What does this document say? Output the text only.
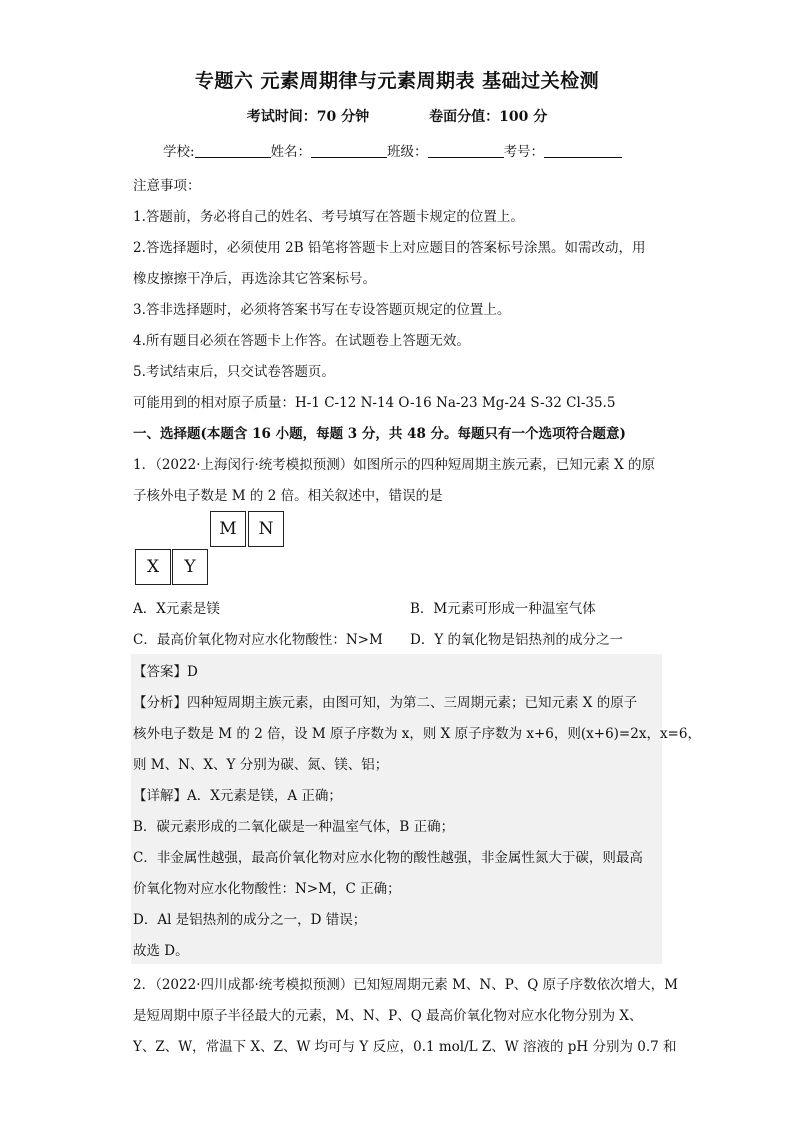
专题六 元素周期律与元素周期表 基础过关检测
考试时间：70 分钟	卷面分值：100 分
学校:	姓名：	班级：	考号：
注意事项：
1.答题前，务必将自己的姓名、考号填写在答题卡规定的位置上。
2.答选择题时，必须使用 2B 铅笔将答题卡上对应题目的答案标号涂黑。如需改动，用
橡皮擦擦干净后，再选涂其它答案标号。
3.答非选择题时，必须将答案书写在专设答题页规定的位置上。
4.所有题目必须在答题卡上作答。在试题卷上答题无效。
5.考试结束后，只交试卷答题页。
可能用到的相对原子质量：H-1 C-12 N-14 O-16 Na-23 Mg-24 S-32 Cl-35.5
一、选择题(本题含 16 小题，每题 3 分，共 48 分。每题只有一个选项符合题意)
1．（2022·上海闵行·统考模拟预测）如图所示的四种短周期主族元素，已知元素 X 的原
子核外电子数是 M 的 2 倍。相关叙述中，错误的是
M	N
X	Y
A．X元素是镁	B．M元素可形成一种温室气体
C．最高价氧化物对应水化物酸性：N>M D．Y 的氧化物是铝热剂的成分之一
【答案】D
【分析】四种短周期主族元素，由图可知，为第二、三周期元素；已知元素 X 的原子
核外电子数是 M 的 2 倍，设 M 原子序数为 x，则 X 原子序数为 x+6，则(x+6)=2x，x=6，
则 M、N、X、Y 分别为碳、氮、镁、铝；
【详解】A．X元素是镁，A 正确；
B．碳元素形成的二氧化碳是一种温室气体，B 正确；
C．非金属性越强，最高价氧化物对应水化物的酸性越强，非金属性氮大于碳，则最高
价氧化物对应水化物酸性：N>M，C 正确；
D．Al 是铝热剂的成分之一，D 错误；
故选 D。
2．（2022·四川成都·统考模拟预测）已知短周期元素 M、N、P、Q 原子序数依次增大，M
是短周期中原子半径最大的元素，M、N、P、Q 最高价氧化物对应水化物分别为 X、
Y、Z、W，常温下 X、Z、W 均可与 Y 反应，0.1 mol/L Z、W 溶液的 pH 分别为 0.7 和
